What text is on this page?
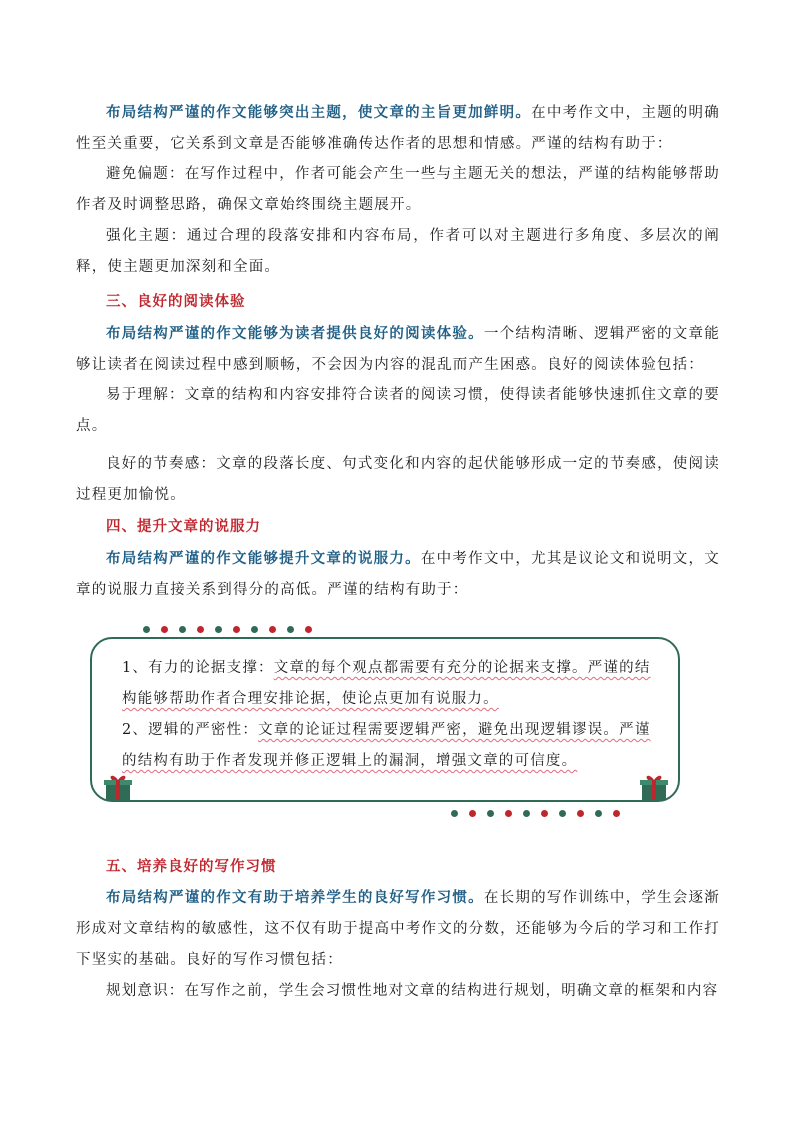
布局结构严谨的作文能够突出主题，使文章的主旨更加鲜明。在中考作文中，主题的明确性至关重要，它关系到文章是否能够准确传达作者的思想和情感。严谨的结构有助于：

避免偏题：在写作过程中，作者可能会产生一些与主题无关的想法，严谨的结构能够帮助作者及时调整思路，确保文章始终围绕主题展开。

强化主题：通过合理的段落安排和内容布局，作者可以对主题进行多角度、多层次的阐释，使主题更加深刻和全面。

三、良好的阅读体验

布局结构严谨的作文能够为读者提供良好的阅读体验。一个结构清晰、逻辑严密的文章能够让读者在阅读过程中感到顺畅，不会因为内容的混乱而产生困惑。良好的阅读体验包括：

易于理解：文章的结构和内容安排符合读者的阅读习惯，使得读者能够快速抓住文章的要点。

良好的节奏感：文章的段落长度、句式变化和内容的起伏能够形成一定的节奏感，使阅读过程更加愉悦。

四、提升文章的说服力

布局结构严谨的作文能够提升文章的说服力。在中考作文中，尤其是议论文和说明文，文章的说服力直接关系到得分的高低。严谨的结构有助于：

1、有力的论据支撑：文章的每个观点都需要有充分的论据来支撑。严谨的结构能够帮助作者合理安排论据，使论点更加有说服力。
2、逻辑的严密性：文章的论证过程需要逻辑严密，避免出现逻辑谬误。严谨的结构有助于作者发现并修正逻辑上的漏洞，增强文章的可信度。

五、培养良好的写作习惯

布局结构严谨的作文有助于培养学生的良好写作习惯。在长期的写作训练中，学生会逐渐形成对文章结构的敏感性，这不仅有助于提高中考作文的分数，还能够为今后的学习和工作打下坚实的基础。良好的写作习惯包括：

规划意识：在写作之前，学生会习惯性地对文章的结构进行规划，明确文章的框架和内容
